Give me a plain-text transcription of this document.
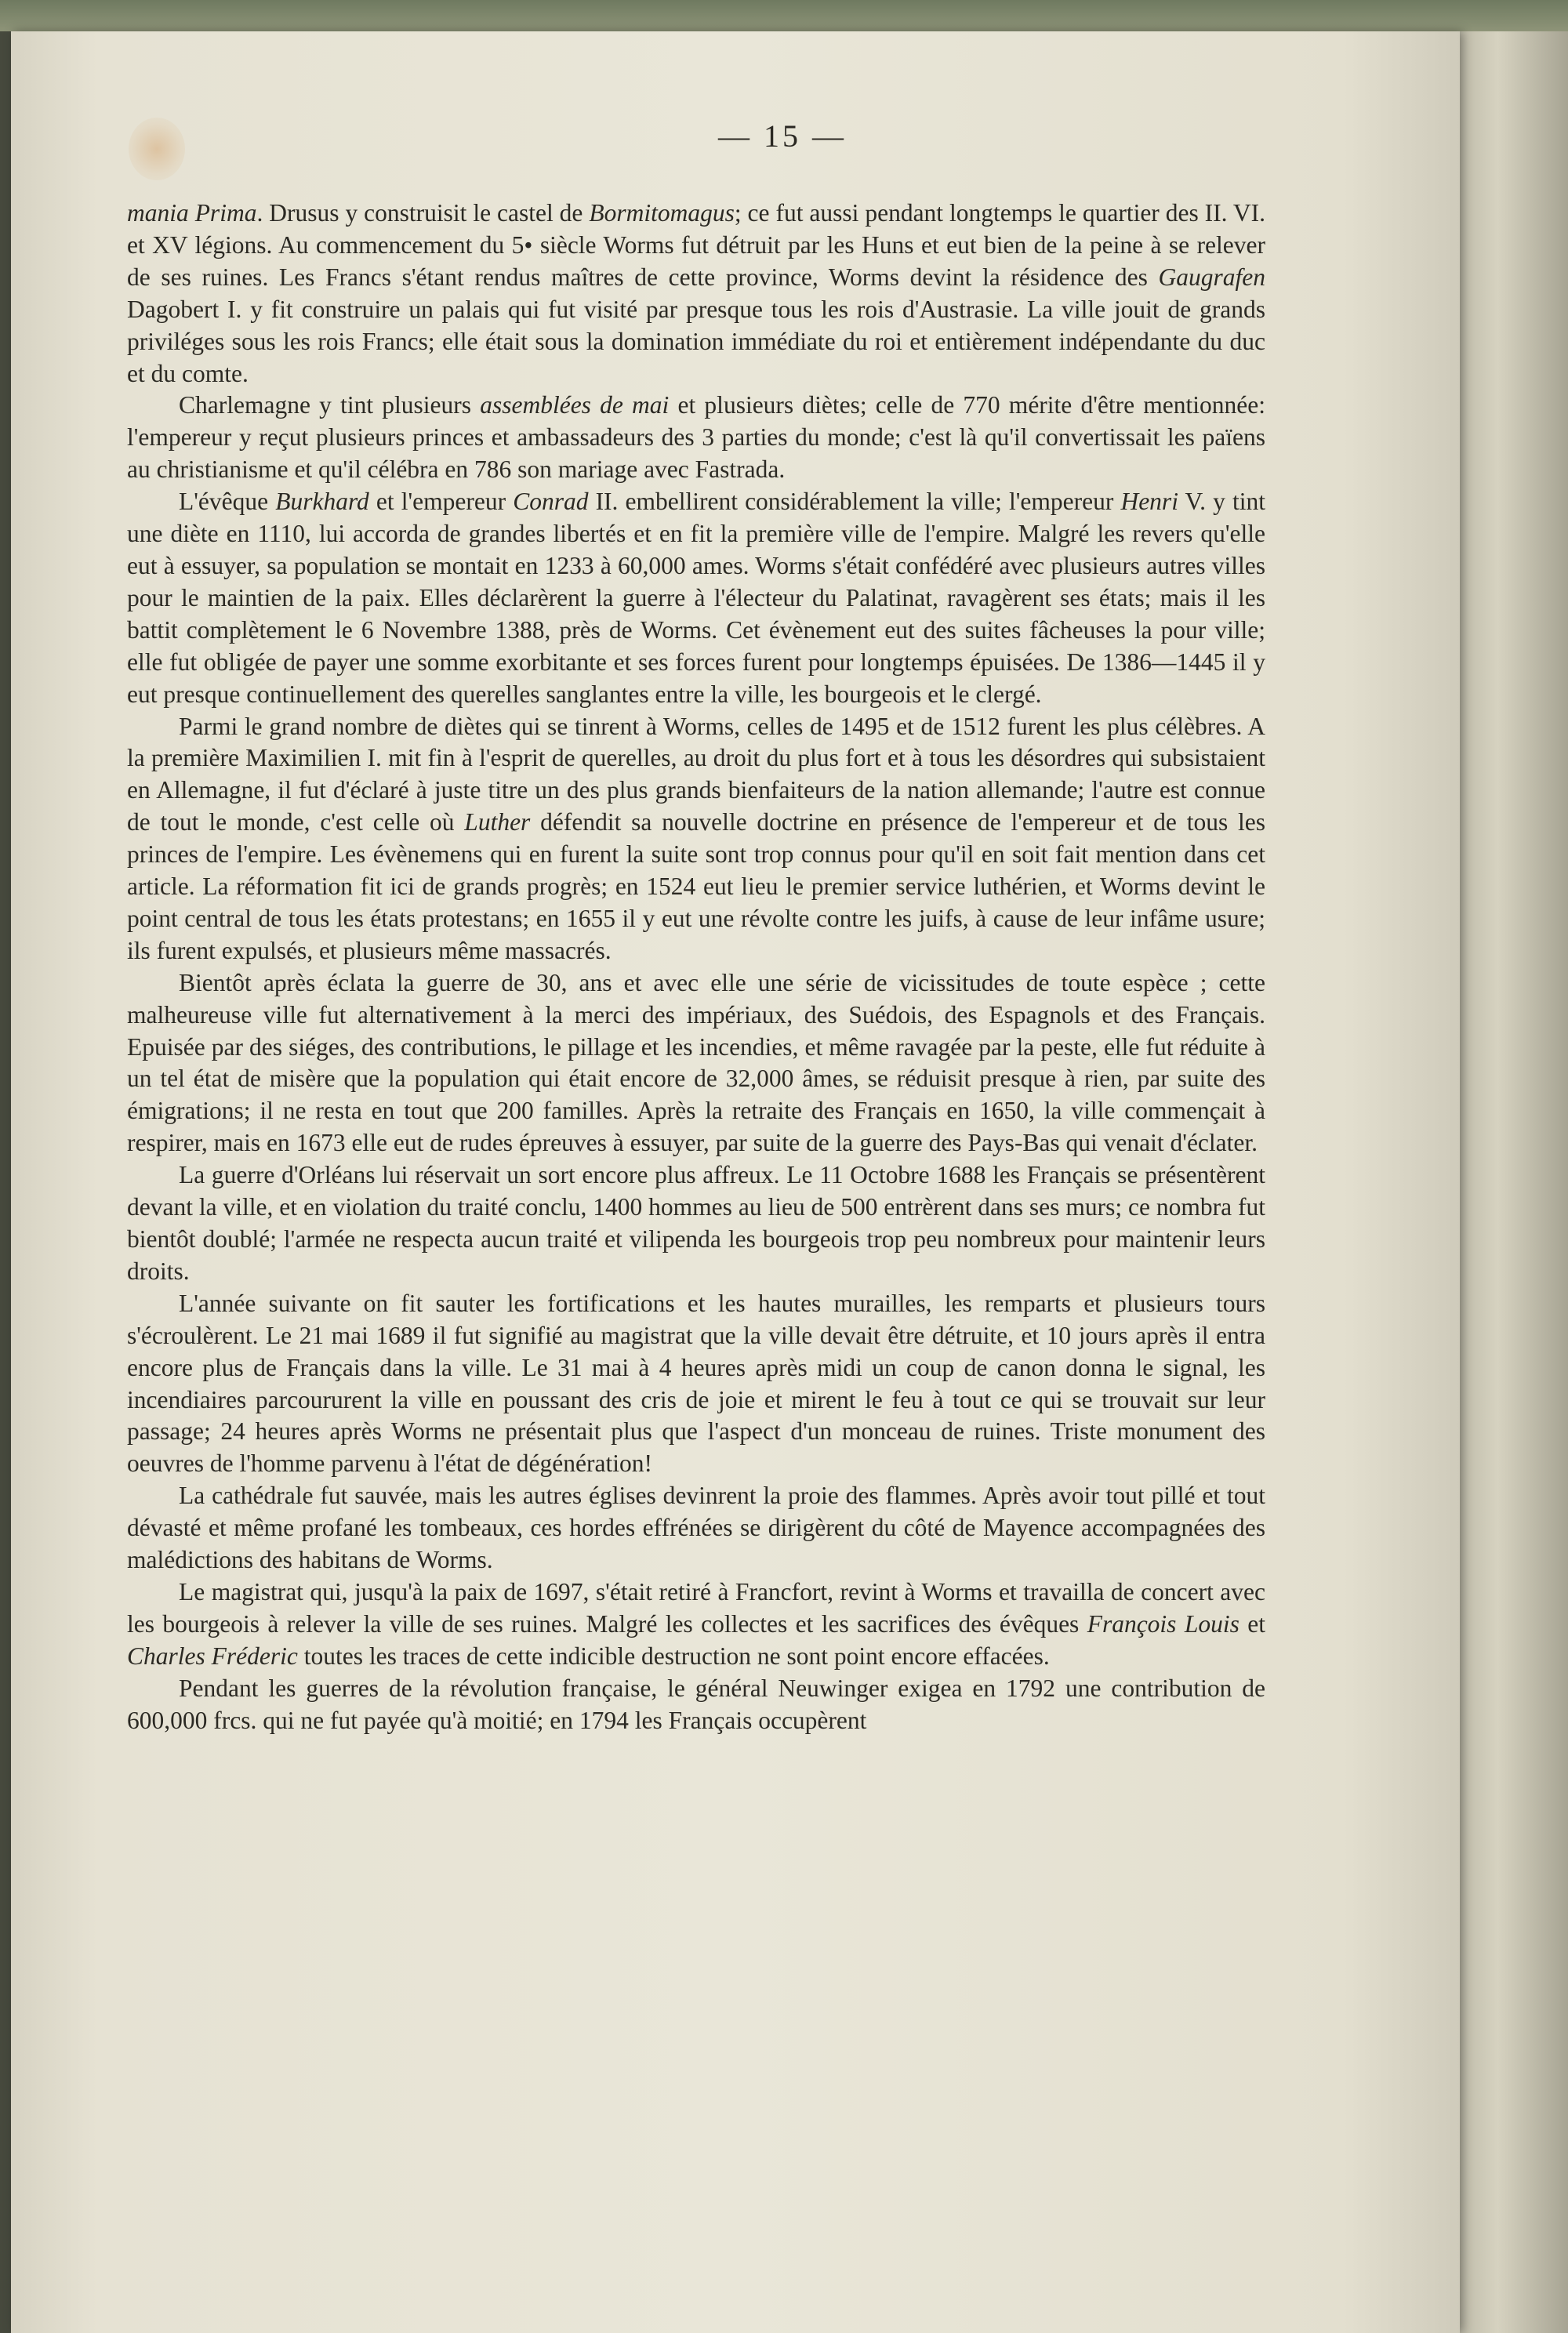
— 15 —

mania Prima. Drusus y construisit le castel de Bormitomagus; ce fut aussi pendant longtemps le quartier des II. VI. et XV légions. Au commencement du 5• siècle Worms fut détruit par les Huns et eut bien de la peine à se relever de ses ruines. Les Francs s'étant rendus maîtres de cette province, Worms devint la résidence des Gaugrafen Dagobert I. y fit construire un palais qui fut visité par presque tous les rois d'Austrasie. La ville jouit de grands priviléges sous les rois Francs; elle était sous la domination immédiate du roi et entièrement indépendante du duc et du comte.

Charlemagne y tint plusieurs assemblées de mai et plusieurs diètes; celle de 770 mérite d'être mentionnée: l'empereur y reçut plusieurs princes et ambassadeurs des 3 parties du monde; c'est là qu'il convertissait les païens au christianisme et qu'il célébra en 786 son mariage avec Fastrada.

L'évêque Burkhard et l'empereur Conrad II. embellirent considérablement la ville; l'empereur Henri V. y tint une diète en 1110, lui accorda de grandes libertés et en fit la première ville de l'empire. Malgré les revers qu'elle eut à essuyer, sa population se montait en 1233 à 60,000 ames. Worms s'était confédéré avec plusieurs autres villes pour le maintien de la paix. Elles déclarèrent la guerre à l'électeur du Palatinat, ravagèrent ses états; mais il les battit complètement le 6 Novembre 1388, près de Worms. Cet évènement eut des suites fâcheuses la pour ville; elle fut obligée de payer une somme exorbitante et ses forces furent pour longtemps épuisées. De 1386—1445 il y eut presque continuellement des querelles sanglantes entre la ville, les bourgeois et le clergé.

Parmi le grand nombre de diètes qui se tinrent à Worms, celles de 1495 et de 1512 furent les plus célèbres. A la première Maximilien I. mit fin à l'esprit de querelles, au droit du plus fort et à tous les désordres qui subsistaient en Allemagne, il fut d'éclaré à juste titre un des plus grands bienfaiteurs de la nation allemande; l'autre est connue de tout le monde, c'est celle où Luther défendit sa nouvelle doctrine en présence de l'empereur et de tous les princes de l'empire. Les évènemens qui en furent la suite sont trop connus pour qu'il en soit fait mention dans cet article. La réformation fit ici de grands progrès; en 1524 eut lieu le premier service luthérien, et Worms devint le point central de tous les états protestans; en 1655 il y eut une révolte contre les juifs, à cause de leur infâme usure; ils furent expulsés, et plusieurs même massacrés.

Bientôt après éclata la guerre de 30, ans et avec elle une série de vicissitudes de toute espèce ; cette malheureuse ville fut alternativement à la merci des impériaux, des Suédois, des Espagnols et des Français. Epuisée par des siéges, des contributions, le pillage et les incendies, et même ravagée par la peste, elle fut réduite à un tel état de misère que la population qui était encore de 32,000 âmes, se réduisit presque à rien, par suite des émigrations; il ne resta en tout que 200 familles. Après la retraite des Français en 1650, la ville commençait à respirer, mais en 1673 elle eut de rudes épreuves à essuyer, par suite de la guerre des Pays-Bas qui venait d'éclater.

La guerre d'Orléans lui réservait un sort encore plus affreux. Le 11 Octobre 1688 les Français se présentèrent devant la ville, et en violation du traité conclu, 1400 hommes au lieu de 500 entrèrent dans ses murs; ce nombra fut bientôt doublé; l'armée ne respecta aucun traité et vilipenda les bourgeois trop peu nombreux pour maintenir leurs droits.

L'année suivante on fit sauter les fortifications et les hautes murailles, les remparts et plusieurs tours s'écroulèrent. Le 21 mai 1689 il fut signifié au magistrat que la ville devait être détruite, et 10 jours après il entra encore plus de Français dans la ville. Le 31 mai à 4 heures après midi un coup de canon donna le signal, les incendiaires parcoururent la ville en poussant des cris de joie et mirent le feu à tout ce qui se trouvait sur leur passage; 24 heures après Worms ne présentait plus que l'aspect d'un monceau de ruines. Triste monument des oeuvres de l'homme parvenu à l'état de dégénération!

La cathédrale fut sauvée, mais les autres églises devinrent la proie des flammes. Après avoir tout pillé et tout dévasté et même profané les tombeaux, ces hordes effrénées se dirigèrent du côté de Mayence accompagnées des malédictions des habitans de Worms.

Le magistrat qui, jusqu'à la paix de 1697, s'était retiré à Francfort, revint à Worms et travailla de concert avec les bourgeois à relever la ville de ses ruines. Malgré les collectes et les sacrifices des évêques François Louis et Charles Fréderic toutes les traces de cette indicible destruction ne sont point encore effacées.

Pendant les guerres de la révolution française, le général Neuwinger exigea en 1792 une contribution de 600,000 frcs. qui ne fut payée qu'à moitié; en 1794 les Français occupèrent
